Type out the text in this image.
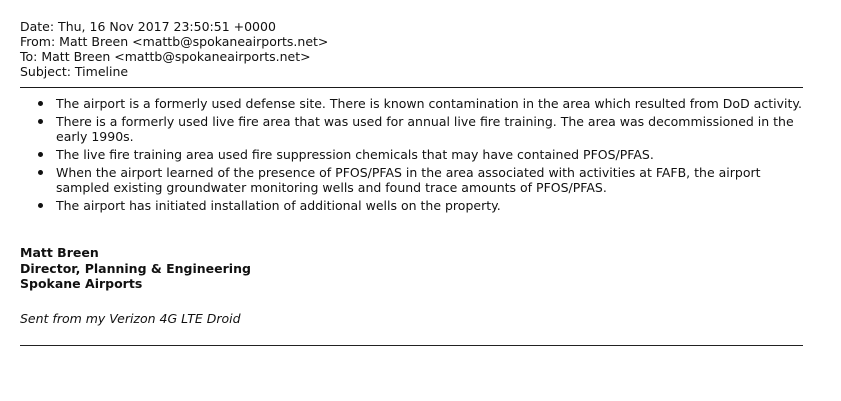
Date: Thu, 16 Nov 2017 23:50:51 +0000
From: Matt Breen <mattb@spokaneairports.net>
To: Matt Breen <mattb@spokaneairports.net>
Subject: Timeline
The airport is a formerly used defense site. There is known contamination in the area which resulted from DoD activity.
There is a formerly used live fire area that was used for annual live fire training. The area was decommissioned in the early 1990s.
The live fire training area used fire suppression chemicals that may have contained PFOS/PFAS.
When the airport learned of the presence of PFOS/PFAS in the area associated with activities at FAFB, the airport sampled existing groundwater monitoring wells and found trace amounts of PFOS/PFAS.
The airport has initiated installation of additional wells on the property.
Matt Breen
Director, Planning & Engineering
Spokane Airports
Sent from my Verizon 4G LTE Droid
